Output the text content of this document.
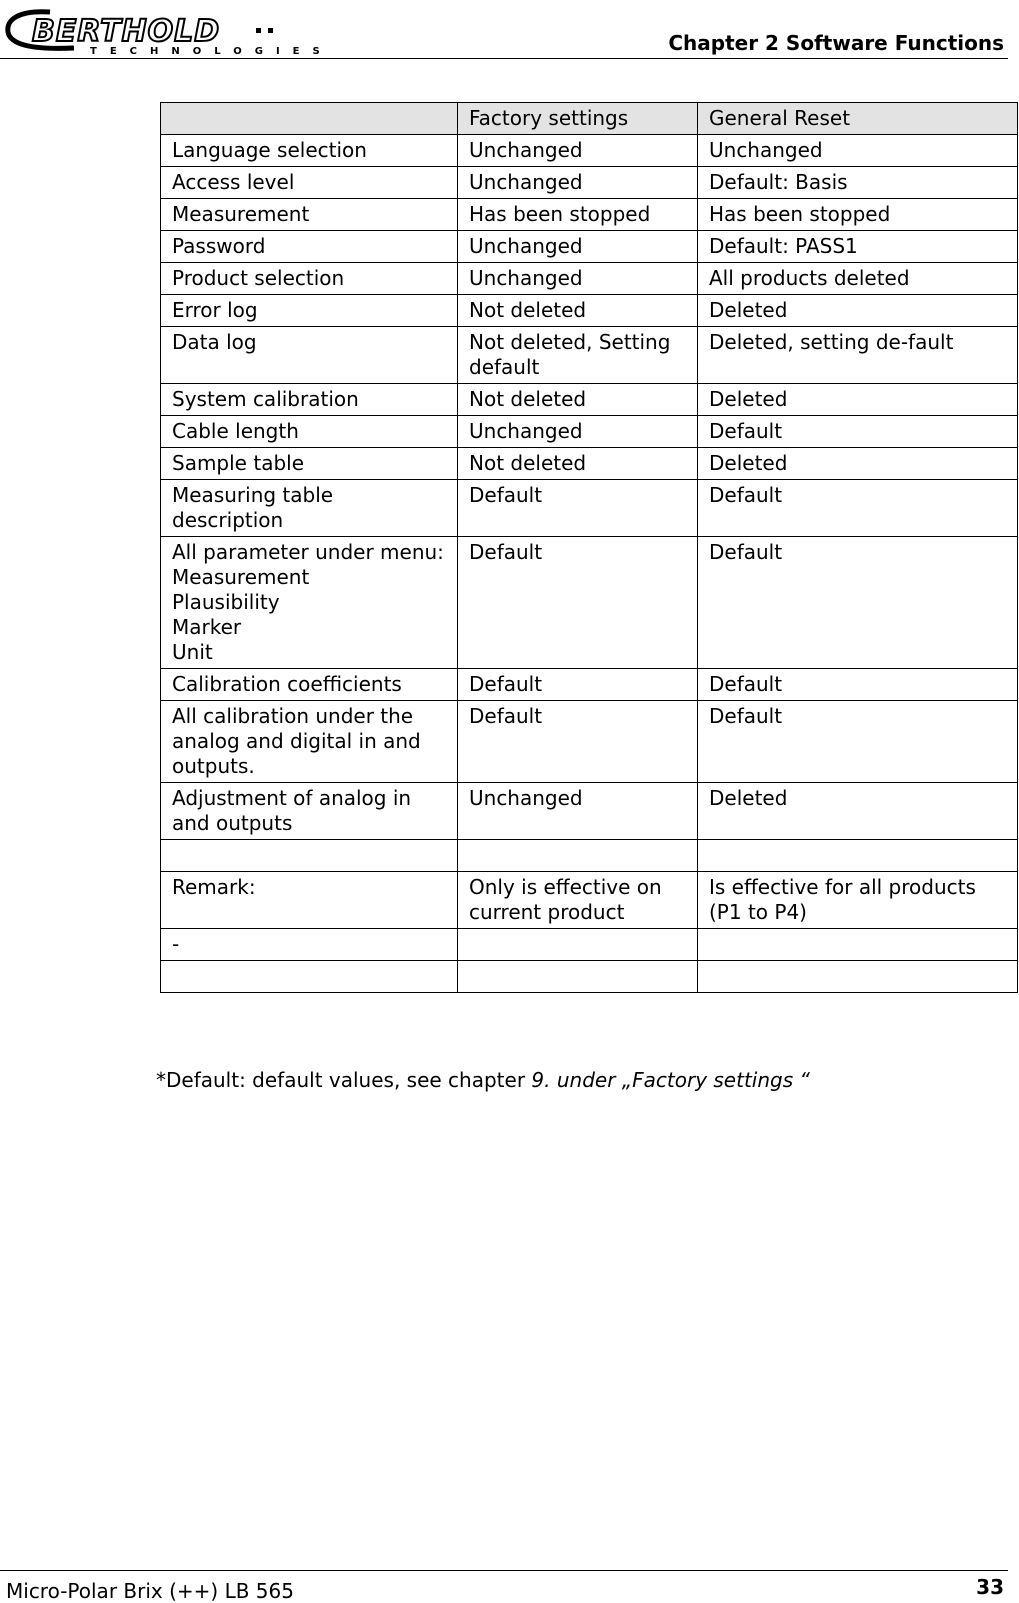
BERTHOLD
TECHNOLOGIES	Chapter 2 Software Functions
	Factory settings	General Reset
Language selection	Unchanged	Unchanged
Access level	Unchanged	Default: Basis
Measurement	Has been stopped	Has been stopped
Password	Unchanged	Default: PASS1
Product selection	Unchanged	All products deleted
Error log	Not deleted	Deleted
Data log	Not deleted, Setting default	Deleted, setting de-fault
System calibration	Not deleted	Deleted
Cable length	Unchanged	Default
Sample table	Not deleted	Deleted
Measuring table description	Default	Default
All parameter under menu:
Measurement
Plausibility
Marker
Unit	Default	Default
Calibration coefficients	Default	Default
All calibration under the analog and digital in and outputs.	Default	Default
Adjustment of analog in and outputs	Unchanged	Deleted

Remark:	Only is effective on current product	Is effective for all products (P1 to P4)
-		

*Default: default values, see chapter 9. under „Factory settings “
Micro-Polar Brix (++) LB 565	33
